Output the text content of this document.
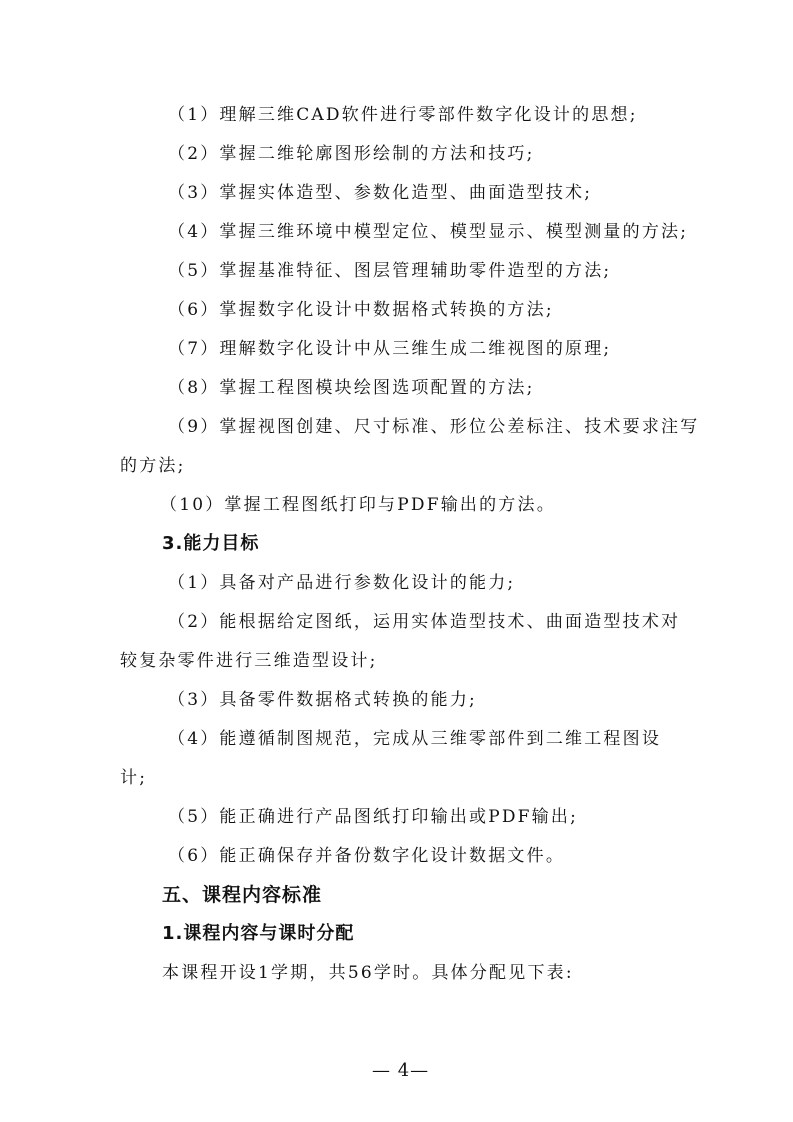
（1）理解三维CAD软件进行零部件数字化设计的思想;
（2）掌握二维轮廓图形绘制的方法和技巧;
（3）掌握实体造型、参数化造型、曲面造型技术;
（4）掌握三维环境中模型定位、模型显示、模型测量的方法;
（5）掌握基准特征、图层管理辅助零件造型的方法;
（6）掌握数字化设计中数据格式转换的方法;
（7）理解数字化设计中从三维生成二维视图的原理;
（8）掌握工程图模块绘图选项配置的方法;
（9）掌握视图创建、尺寸标准、形位公差标注、技术要求注写
的方法;
（10）掌握工程图纸打印与PDF输出的方法。
3.能力目标
（1）具备对产品进行参数化设计的能力;
（2）能根据给定图纸，运用实体造型技术、曲面造型技术对
较复杂零件进行三维造型设计;
（3）具备零件数据格式转换的能力;
（4）能遵循制图规范，完成从三维零部件到二维工程图设
计;
（5）能正确进行产品图纸打印输出或PDF输出;
（6）能正确保存并备份数字化设计数据文件。
五、课程内容标准
1.课程内容与课时分配
本课程开设1学期，共56学时。具体分配见下表:
— 4—
